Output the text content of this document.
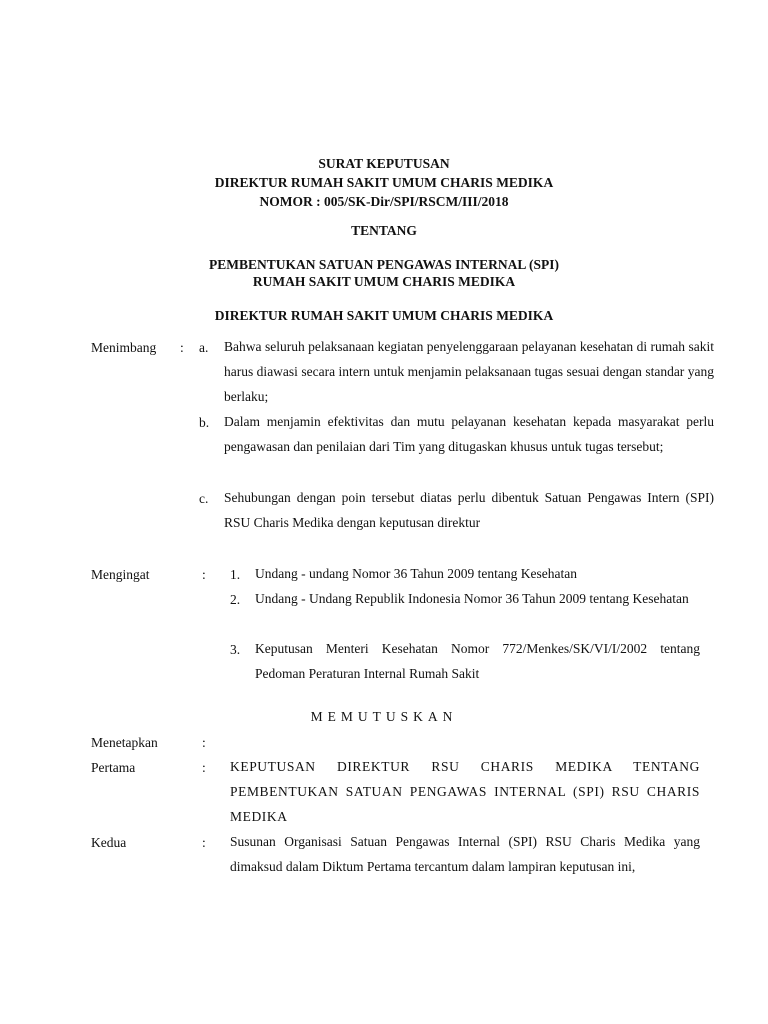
SURAT KEPUTUSAN
DIREKTUR RUMAH SAKIT UMUM CHARIS MEDIKA
NOMOR : 005/SK-Dir/SPI/RSCM/III/2018
TENTANG
PEMBENTUKAN SATUAN PENGAWAS INTERNAL (SPI)
RUMAH SAKIT UMUM CHARIS MEDIKA
DIREKTUR RUMAH SAKIT UMUM CHARIS MEDIKA
Menimbang : a. Bahwa seluruh pelaksanaan kegiatan penyelenggaraan pelayanan kesehatan di rumah sakit harus diawasi secara intern untuk menjamin pelaksanaan tugas sesuai dengan standar yang berlaku;
b. Dalam menjamin efektivitas dan mutu pelayanan kesehatan kepada masyarakat perlu pengawasan dan penilaian dari Tim yang ditugaskan khusus untuk tugas tersebut;
c. Sehubungan dengan poin tersebut diatas perlu dibentuk Satuan Pengawas Intern (SPI) RSU Charis Medika dengan keputusan direktur
Mengingat	: 1. Undang - undang Nomor 36 Tahun 2009 tentang Kesehatan
2. Undang - Undang Republik Indonesia Nomor 36 Tahun 2009 tentang Kesehatan
3. Keputusan Menteri Kesehatan Nomor 772/Menkes/SK/VI/I/2002 tentang Pedoman Peraturan Internal Rumah Sakit
MEMUTUSKAN
Menetapkan	:
Pertama	: KEPUTUSAN DIREKTUR RSU CHARIS MEDIKA TENTANG PEMBENTUKAN SATUAN PENGAWAS INTERNAL (SPI) RSU CHARIS MEDIKA
Kedua	: Susunan Organisasi Satuan Pengawas Internal (SPI) RSU Charis Medika yang dimaksud dalam Diktum Pertama tercantum dalam lampiran keputusan ini,
